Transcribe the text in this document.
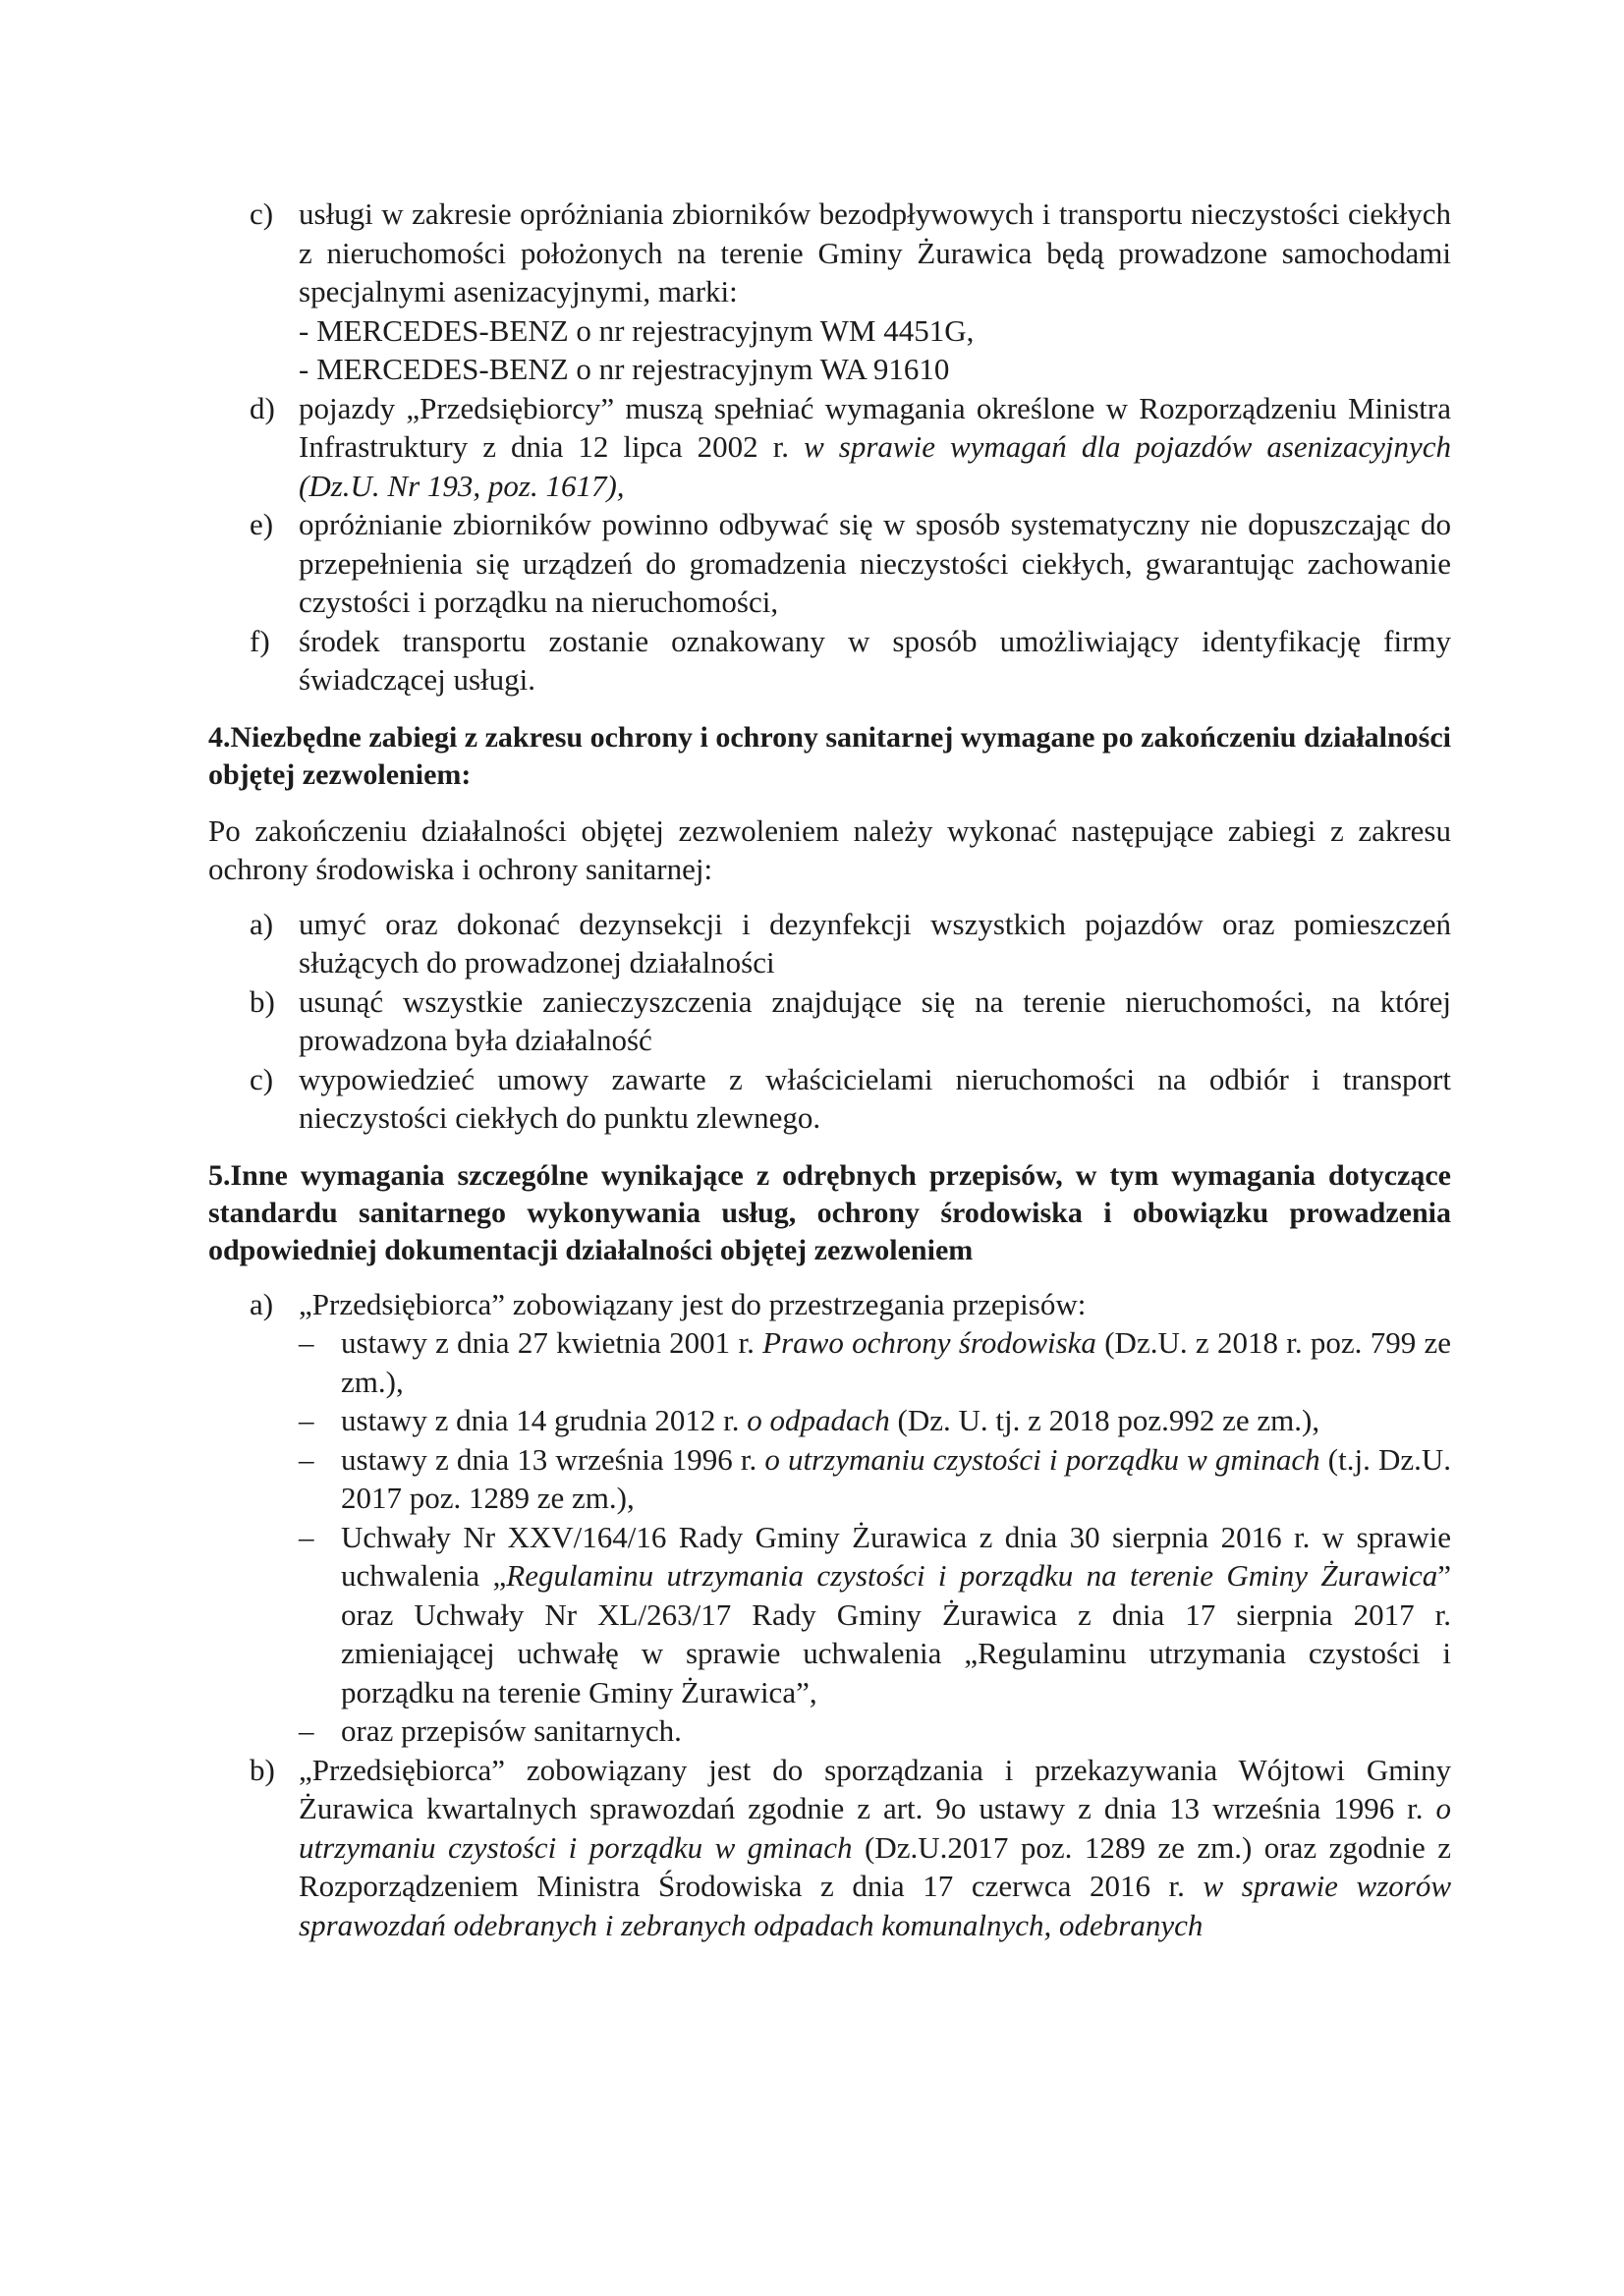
c) usługi w zakresie opróżniania zbiorników bezodpływowych i transportu nieczystości ciekłych z nieruchomości położonych na terenie Gminy Żurawica będą prowadzone samochodami specjalnymi asenizacyjnymi, marki:
- MERCEDES-BENZ o nr rejestracyjnym WM 4451G,
- MERCEDES-BENZ o nr rejestracyjnym WA 91610
d) pojazdy „Przedsiębiorcy” muszą spełniać wymagania określone w Rozporządzeniu Ministra Infrastruktury z dnia 12 lipca 2002 r. w sprawie wymagań dla pojazdów asenizacyjnych (Dz.U. Nr 193, poz. 1617),
e) opróżnianie zbiorników powinno odbywać się w sposób systematyczny nie dopuszczając do przepełnienia się urządzeń do gromadzenia nieczystości ciekłych, gwarantując zachowanie czystości i porządku na nieruchomości,
f) środek transportu zostanie oznakowany w sposób umożliwiający identyfikację firmy świadczącej usługi.
4.Niezbędne zabiegi z zakresu ochrony i ochrony sanitarnej wymagane po zakończeniu działalności objętej zezwoleniem:
Po zakończeniu działalności objętej zezwoleniem należy wykonać następujące zabiegi z zakresu ochrony środowiska i ochrony sanitarnej:
a) umyć oraz dokonać dezynsekcji i dezynfekcji wszystkich pojazdów oraz pomieszczeń służących do prowadzonej działalności
b) usunąć wszystkie zanieczyszczenia znajdujące się na terenie nieruchomości, na której prowadzona była działalność
c) wypowiedzieć umowy zawarte z właścicielami nieruchomości na odbiór i transport nieczystości ciekłych do punktu zlewnego.
5.Inne wymagania szczególne wynikające z odrębnych przepisów, w tym wymagania dotyczące standardu sanitarnego wykonywania usług, ochrony środowiska i obowiązku prowadzenia odpowiedniej dokumentacji działalności objętej zezwoleniem
a) „Przedsiębiorca” zobowiązany jest do przestrzegania przepisów:
– ustawy z dnia 27 kwietnia 2001 r. Prawo ochrony środowiska (Dz.U. z 2018 r. poz. 799 ze zm.),
– ustawy z dnia 14 grudnia 2012 r. o odpadach (Dz. U. tj. z 2018 poz.992 ze zm.),
– ustawy z dnia 13 września 1996 r. o utrzymaniu czystości i porządku w gminach (t.j. Dz.U. 2017 poz. 1289 ze zm.),
– Uchwały Nr XXV/164/16 Rady Gminy Żurawica z dnia 30 sierpnia 2016 r. w sprawie uchwalenia „Regulaminu utrzymania czystości i porządku na terenie Gminy Żurawica” oraz Uchwały Nr XL/263/17 Rady Gminy Żurawica z dnia 17 sierpnia 2017 r. zmieniającej uchwałę w sprawie uchwalenia „Regulaminu utrzymania czystości i porządku na terenie Gminy Żurawica”,
– oraz przepisów sanitarnych.
b) „Przedsiębiorca” zobowiązany jest do sporządzania i przekazywania Wójtowi Gminy Żurawica kwartalnych sprawozdań zgodnie z art. 9o ustawy z dnia 13 września 1996 r. o utrzymaniu czystości i porządku w gminach (Dz.U.2017 poz. 1289 ze zm.) oraz zgodnie z Rozporządzeniem Ministra Środowiska z dnia 17 czerwca 2016 r. w sprawie wzorów sprawozdań odebranych i zebranych odpadach komunalnych, odebranych
